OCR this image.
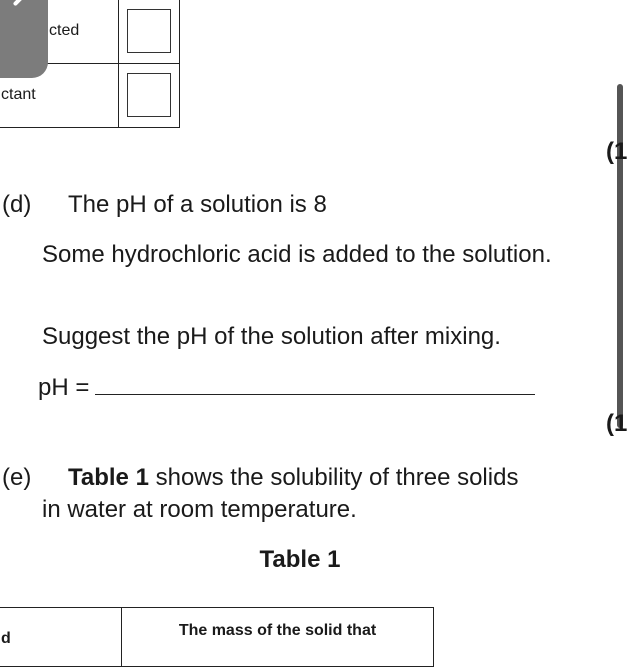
cted	

ctant	

(1
(1
(d) The pH of a solution is 8
Some hydrochloric acid is added to the solution.
Suggest the pH of the solution after mixing.
pH =
(e) Table 1 shows the solubility of three solids
in water at room temperature.
Table 1
d	The mass of the solid that
